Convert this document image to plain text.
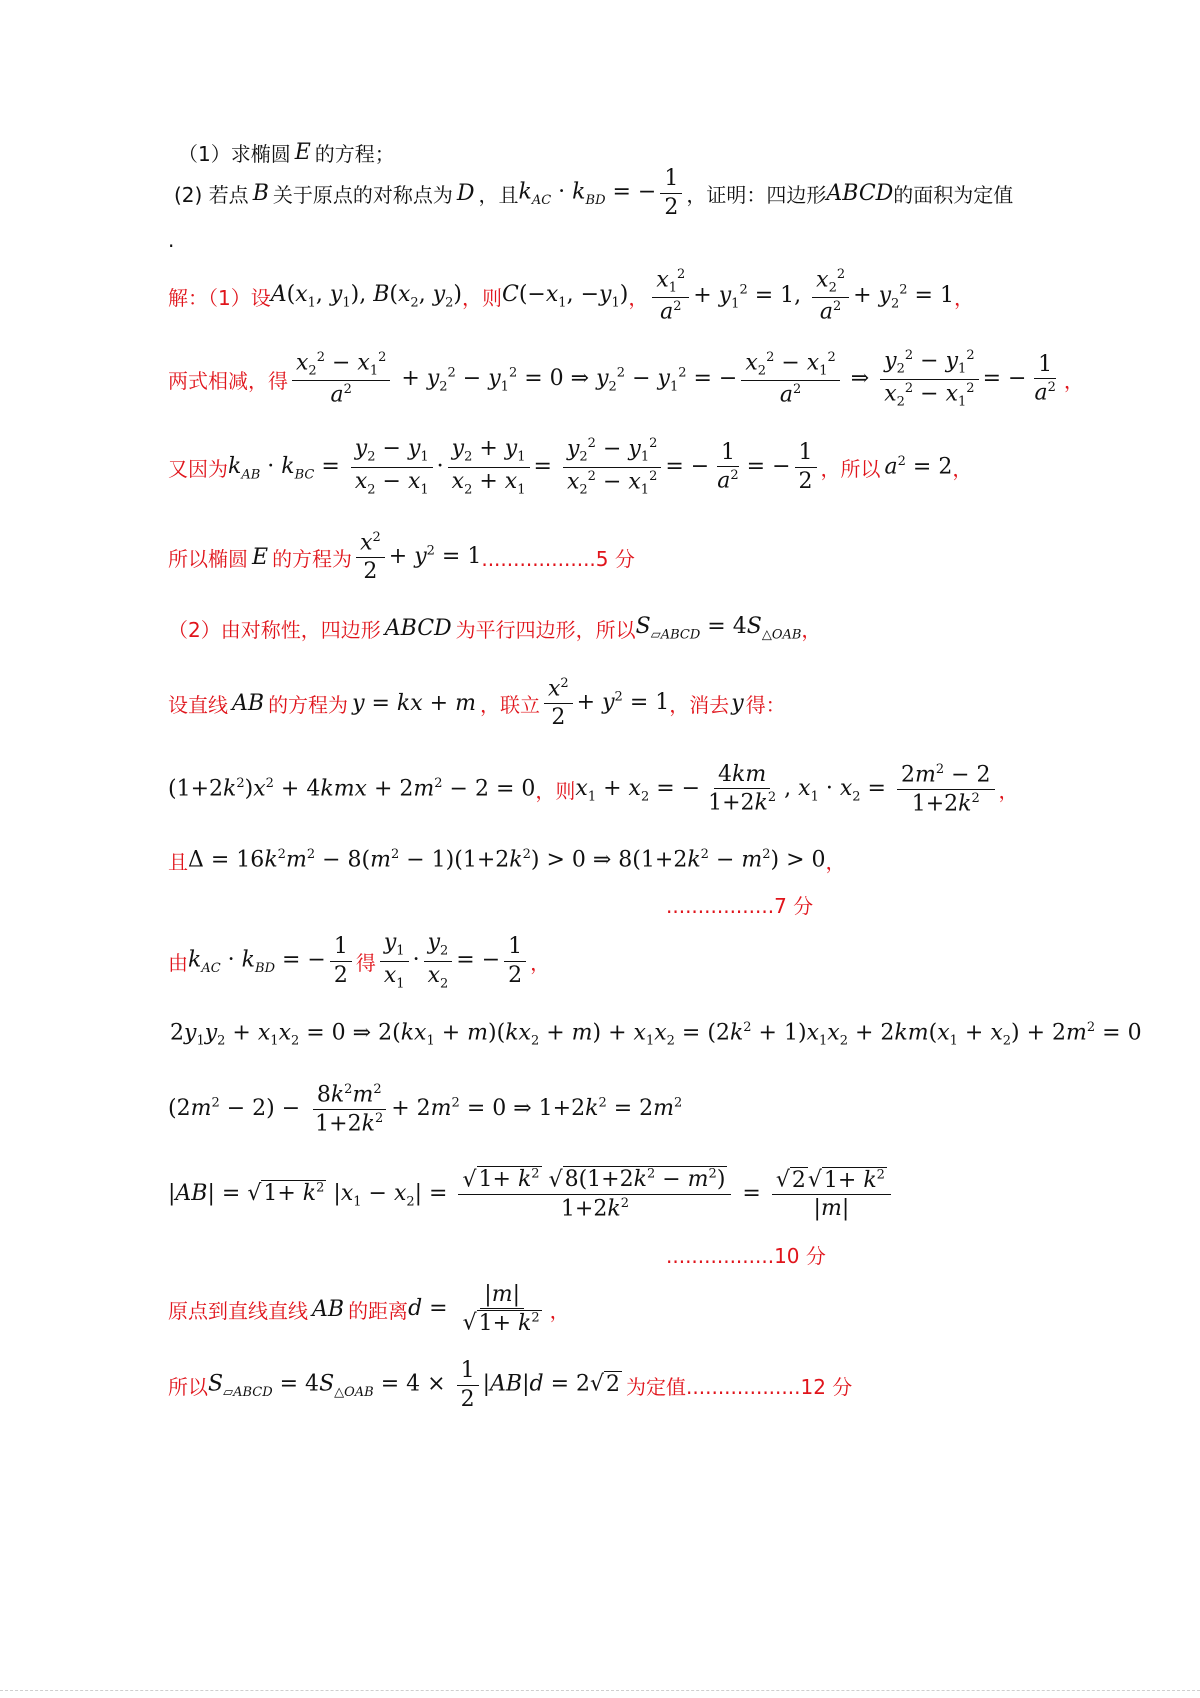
（1）求椭圆 E 的方程；
(2) 若点 B 关于原点的对称点为 D ，且 $k_{AC} \cdot k_{BD}$ = − $\frac{1}{2}$ ，证明：四边形 ABCD 的面积为定值
.
解：（1）设 $A(x_1$, $y_1$), $B(x_2$, $y_2$) ，则 $C(-x_1$, $-y_1$) ， $\frac{x_1^2}{a^2} + y_1^2 = 1$, $\frac{x_2^2}{a^2} + y_2^2 = 1$ ，
两式相减，得 $\frac{x_2^2 - x_1^2}{a^2} + y_2^2 - y_1^2 = 0$ ⇒ $y_2^2 - y_1^2$ = − $\frac{x_2^2 - x_1^2}{a^2}$ ⇒ $\frac{y_2^2 - y_1^2}{x_2^2 - x_1^2}$ = − $\frac{1}{a^2}$ ，
又因为 $k_{AB} \cdot k_{BC} = \frac{y_2 - y_1}{x_2 - x_1} \cdot \frac{y_2 + y_1}{x_2 + x_1} = \frac{y_2^2 - y_1^2}{x_2^2 - x_1^2}$ = − $\frac{1}{a^2}$ = − $\frac{1}{2}$ ，所以 $a^2 = 2$ ，
所以椭圆 E 的方程为 $\frac{x^2}{2} + y^2 = 1$ ..................5 分
（2）由对称性，四边形 ABCD 为平行四边形，所以 $S_{▱ABCD} = 4S_{\triangle OAB}$ ，
设直线 AB 的方程为 y = kx + m ， 联立 $\frac{x^2}{2} + y^2 = 1$ ，消去 y 得：
$(1+2k^2)x^2 + 4kmx + 2m^2 - 2 = 0$ ，则 $x_1 + x_2$ = − $\frac{4km}{1+2k^2}$ , $x_1 \cdot x_2 = \frac{2m^2 - 2}{1+2k^2}$ ，
且 $\Delta = 16k^2m^2 - 8(m^2 - 1)(1+2k^2) > 0$ ⇒ $8(1+2k^2 - m^2) > 0$ ，
.................7 分
由 $k_{AC} \cdot k_{BD}$ = − $\frac{1}{2}$ 得 $\frac{y_1}{x_1} \cdot \frac{y_2}{x_2}$ = − $\frac{1}{2}$ ，
$2y_1y_2 + x_1x_2 = 0$ ⇒ $2(kx_1 + m)(kx_2 + m) + x_1x_2 = (2k^2 + 1)x_1x_2 + 2km(x_1 + x_2) + 2m^2 = 0$
$(2m^2 - 2) - \frac{8k^2m^2}{1+2k^2} + 2m^2 = 0$ ⇒ $1+2k^2 = 2m^2$
$|AB| = √1+ k^2$ $|x_1 - x_2| = \frac{√1+ k^2 √8(1+2k^2 - m^2)}{1+2k^2} = \frac{√2√1+ k^2}{|m|}$
.................10 分
原点到直线直线 AB 的距离 $d = \frac{|m|}{√1+ k^2}$ ，
所以 $S_{▱ABCD} = 4S_{\triangle OAB} = 4 \times \frac{1}{2} |AB|d = 2√2$ 为定值 ..................12 分
